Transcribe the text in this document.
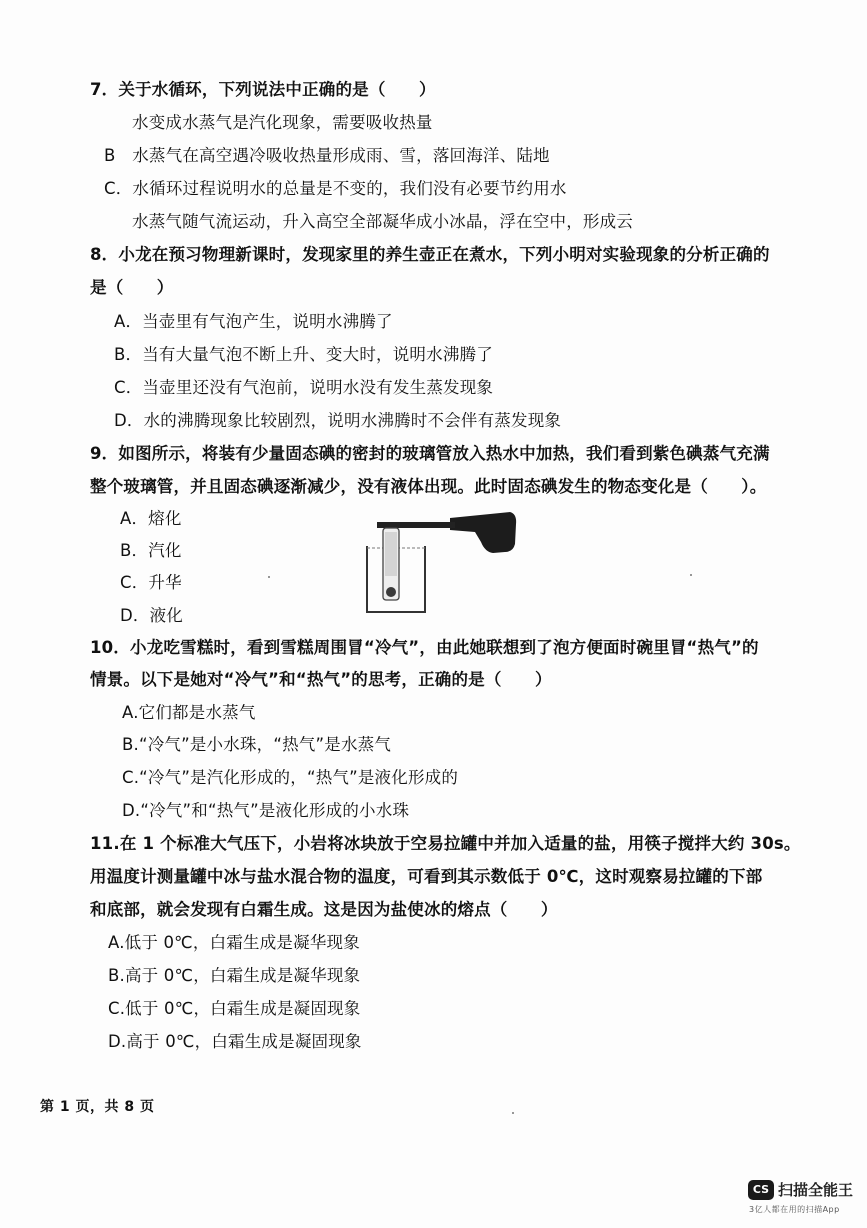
7．关于水循环，下列说法中正确的是（　　）
水变成水蒸气是汽化现象，需要吸收热量
B　水蒸气在高空遇冷吸收热量形成雨、雪，落回海洋、陆地
C．水循环过程说明水的总量是不变的，我们没有必要节约用水
水蒸气随气流运动，升入高空全部凝华成小冰晶，浮在空中，形成云
8．小龙在预习物理新课时，发现家里的养生壶正在煮水，下列小明对实验现象的分析正确的
是（　　）
A．当壶里有气泡产生，说明水沸腾了
B．当有大量气泡不断上升、变大时，说明水沸腾了
C．当壶里还没有气泡前，说明水没有发生蒸发现象
D．水的沸腾现象比较剧烈，说明水沸腾时不会伴有蒸发现象
9．如图所示，将装有少量固态碘的密封的玻璃管放入热水中加热，我们看到紫色碘蒸气充满
整个玻璃管，并且固态碘逐渐减少，没有液体出现。此时固态碘发生的物态变化是（　　）。
A．熔化
B．汽化
C．升华
D．液化
10．小龙吃雪糕时，看到雪糕周围冒“冷气”，由此她联想到了泡方便面时碗里冒“热气”的
情景。以下是她对“冷气”和“热气”的思考，正确的是（　　）
A.它们都是水蒸气
B.“冷气”是小水珠，“热气”是水蒸气
C.“冷气”是汽化形成的，“热气”是液化形成的
D.“冷气”和“热气”是液化形成的小水珠
11.在 1 个标准大气压下，小岩将冰块放于空易拉罐中并加入适量的盐，用筷子搅拌大约 30s。
用温度计测量罐中冰与盐水混合物的温度，可看到其示数低于 0℃，这时观察易拉罐的下部
和底部，就会发现有白霜生成。这是因为盐使冰的熔点（　　）
A.低于 0℃，白霜生成是凝华现象
B.高于 0℃，白霜生成是凝华现象
C.低于 0℃，白霜生成是凝固现象
D.高于 0℃，白霜生成是凝固现象
第 1 页，共 8 页
CS 扫描全能王
3亿人都在用的扫描App
